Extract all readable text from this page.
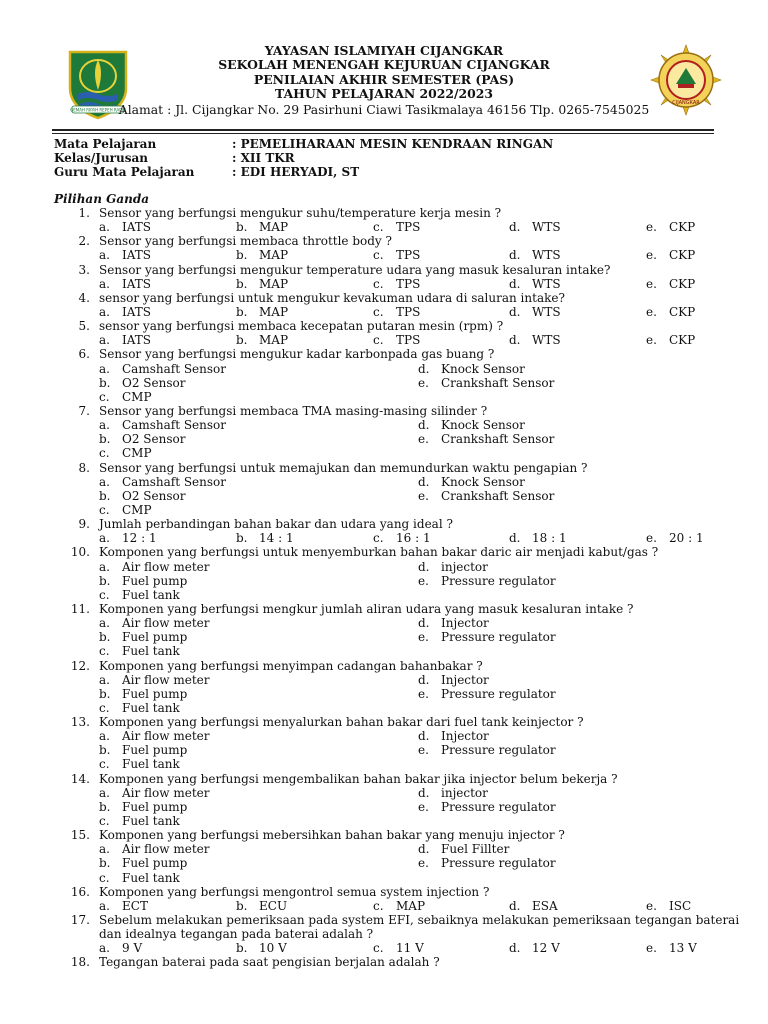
GEMAH RIPAH REPEH RAPIH
CIJANGKAR
YAYASAN ISLAMIYAH CIJANGKAR
SEKOLAH MENENGAH KEJURUAN CIJANGKAR
PENILAIAN AKHIR SEMESTER (PAS)
TAHUN PELAJARAN 2022/2023
Alamat : Jl. Cijangkar No. 29 Pasirhuni Ciawi Tasikmalaya 46156 Tlp. 0265-7545025
Mata Pelajaran	: PEMELIHARAAN MESIN KENDRAAN RINGAN
Kelas/Jurusan	: XII TKR
Guru Mata Pelajaran	: EDI HERYADI, ST
Pilihan Ganda
1. Sensor yang berfungsi mengukur suhu/temperature kerja mesin ?
a. IATS	b. MAP	c. TPS	d. WTS	e. CKP
2. Sensor yang berfungsi membaca throttle body ?
a. IATS	b. MAP	c. TPS	d. WTS	e. CKP
3. Sensor yang berfungsi mengukur temperature udara yang masuk kesaluran intake?
a. IATS	b. MAP	c. TPS	d. WTS	e. CKP
4. sensor yang berfungsi untuk mengukur kevakuman udara di saluran intake?
a. IATS	b. MAP	c. TPS	d. WTS	e. CKP
5. sensor yang berfungsi membaca kecepatan putaran mesin (rpm) ?
a. IATS	b. MAP	c. TPS	d. WTS	e. CKP
6. Sensor yang berfungsi mengukur kadar karbonpada gas buang ?
a. Camshaft Sensor	d. Knock Sensor
b. O2 Sensor	e. Crankshaft Sensor
c. CMP
7. Sensor yang berfungsi membaca TMA masing-masing silinder ?
a. Camshaft Sensor	d. Knock Sensor
b. O2 Sensor	e. Crankshaft Sensor
c. CMP
8. Sensor yang berfungsi untuk memajukan dan memundurkan waktu pengapian ?
a. Camshaft Sensor	d. Knock Sensor
b. O2 Sensor	e. Crankshaft Sensor
c. CMP
9. Jumlah perbandingan bahan bakar dan udara yang ideal ?
a. 12 : 1	b. 14 : 1	c. 16 : 1	d. 18 : 1	e. 20 : 1
10. Komponen yang berfungsi untuk menyemburkan bahan bakar daric air menjadi kabut/gas ?
a. Air flow meter	d. injector
b. Fuel pump	e. Pressure regulator
c. Fuel tank
11. Komponen yang berfungsi mengkur jumlah aliran udara yang masuk kesaluran intake ?
a. Air flow meter	d. Injector
b. Fuel pump	e. Pressure regulator
c. Fuel tank
12. Komponen yang berfungsi menyimpan cadangan bahanbakar ?
a. Air flow meter	d. Injector
b. Fuel pump	e. Pressure regulator
c. Fuel tank
13. Komponen yang berfungsi menyalurkan bahan bakar dari fuel tank keinjector ?
a. Air flow meter	d. Injector
b. Fuel pump	e. Pressure regulator
c. Fuel tank
14. Komponen yang berfungsi mengembalikan bahan bakar jika injector belum bekerja ?
a. Air flow meter	d. injector
b. Fuel pump	e. Pressure regulator
c. Fuel tank
15. Komponen yang berfungsi mebersihkan bahan bakar yang menuju injector ?
a. Air flow meter	d. Fuel Fillter
b. Fuel pump	e. Pressure regulator
c. Fuel tank
16. Komponen yang berfungsi mengontrol semua system injection ?
a. ECT	b. ECU	c. MAP	d. ESA	e. ISC
17. Sebelum melakukan pemeriksaan pada system EFI, sebaiknya melakukan pemeriksaan tegangan baterai
dan idealnya tegangan pada baterai adalah ?
a. 9 V	b. 10 V	c. 11 V	d. 12 V	e. 13 V
18. Tegangan baterai pada saat pengisian berjalan adalah ?
